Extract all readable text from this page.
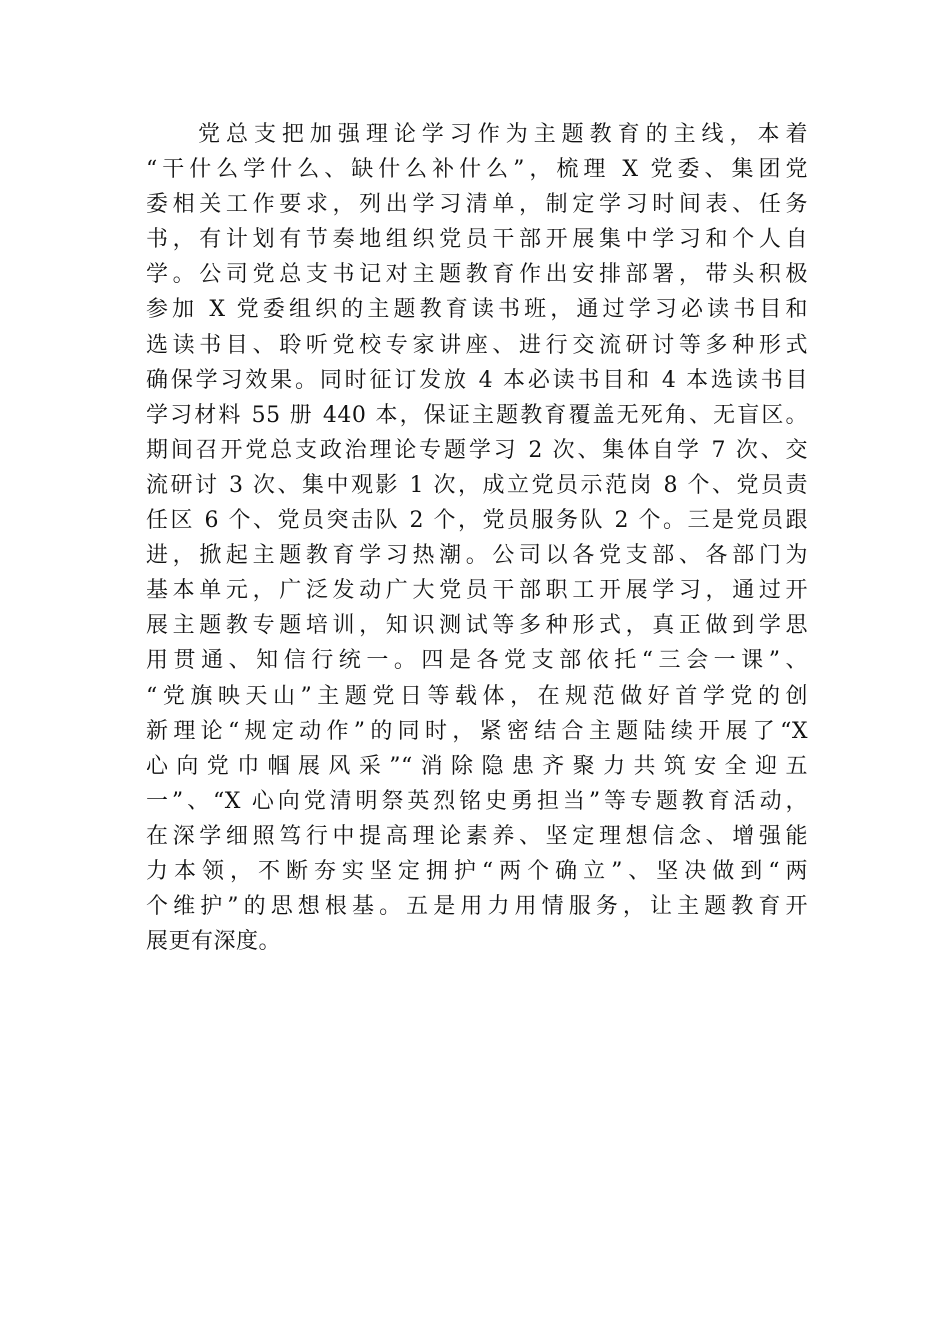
党总支把加强理论学习作为主题教育的主线，本着
“干什么学什么、缺什么补什么”，梳理 X 党委、集团党
委相关工作要求，列出学习清单，制定学习时间表、任务
书，有计划有节奏地组织党员干部开展集中学习和个人自
学。公司党总支书记对主题教育作出安排部署，带头积极
参加 X 党委组织的主题教育读书班，通过学习必读书目和
选读书目、聆听党校专家讲座、进行交流研讨等多种形式
确保学习效果。同时征订发放 4 本必读书目和 4 本选读书目
学习材料 55 册 440 本，保证主题教育覆盖无死角、无盲区。
期间召开党总支政治理论专题学习 2 次、集体自学 7 次、交
流研讨 3 次、集中观影 1 次，成立党员示范岗 8 个、党员责
任区 6 个、党员突击队 2 个，党员服务队 2 个。三是党员跟
进，掀起主题教育学习热潮。公司以各党支部、各部门为
基本单元，广泛发动广大党员干部职工开展学习，通过开
展主题教专题培训，知识测试等多种形式，真正做到学思
用贯通、知信行统一。四是各党支部依托“三会一课”、
“党旗映天山”主题党日等载体，在规范做好首学党的创
新理论“规定动作”的同时，紧密结合主题陆续开展了“X
心向党巾帼展风采”“消除隐患齐聚力共筑安全迎五
一”、“X 心向党清明祭英烈铭史勇担当”等专题教育活动，
在深学细照笃行中提高理论素养、坚定理想信念、增强能
力本领，不断夯实坚定拥护“两个确立”、坚决做到“两
个维护”的思想根基。五是用力用情服务，让主题教育开
展更有深度。
